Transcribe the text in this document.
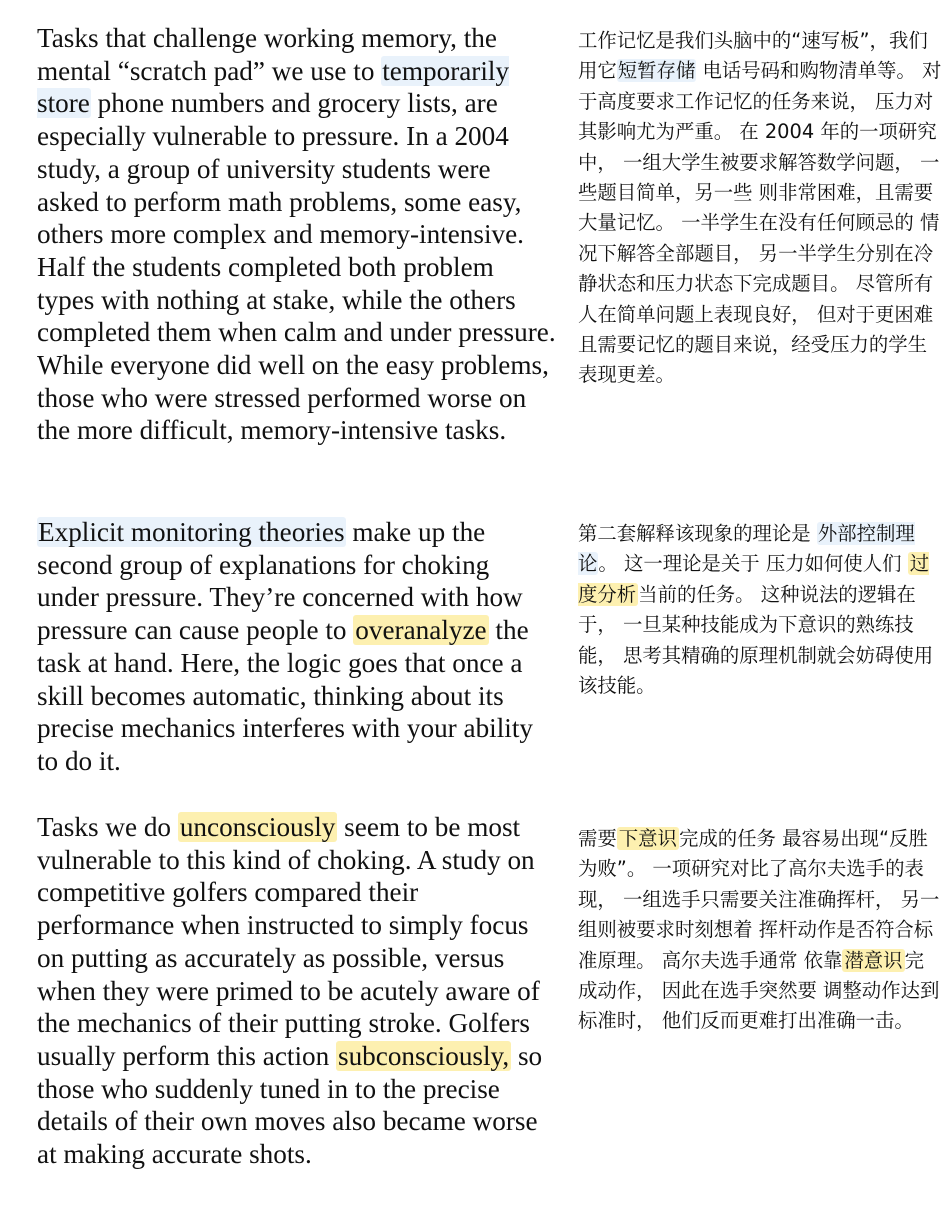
Tasks that challenge working memory, the mental “scratch pad” we use to temporarily store phone numbers and grocery lists, are especially vulnerable to pressure. In a 2004 study, a group of university students were asked to perform math problems, some easy, others more complex and memory-intensive. Half the students completed both problem types with nothing at stake, while the others completed them when calm and under pressure. While everyone did well on the easy problems, those who were stressed performed worse on the more difficult, memory-intensive tasks.

工作记忆是我们头脑中的“速写板”，我们用它短暂存储 电话号码和购物清单等。 对于高度要求工作记忆的任务来说， 压力对其影响尤为严重。 在 2004 年的一项研究中， 一组大学生被要求解答数学问题， 一些题目简单，另一些 则非常困难，且需要大量记忆。 一半学生在没有任何顾忌的 情况下解答全部题目， 另一半学生分别在冷静状态和压力状态下完成题目。 尽管所有人在简单问题上表现良好， 但对于更困难 且需要记忆的题目来说，经受压力的学生表现更差。

Explicit monitoring theories make up the second group of explanations for choking under pressure. They’re concerned with how pressure can cause people to overanalyze the task at hand. Here, the logic goes that once a skill becomes automatic, thinking about its precise mechanics interferes with your ability to do it.

第二套解释该现象的理论是 外部控制理论。 这一理论是关于 压力如何使人们 过度分析 当前的任务。 这种说法的逻辑在于， 一旦某种技能成为下意识的熟练技能， 思考其精确的原理机制就会妨碍使用该技能。

Tasks we do unconsciously seem to be most vulnerable to this kind of choking. A study on competitive golfers compared their performance when instructed to simply focus on putting as accurately as possible, versus when they were primed to be acutely aware of the mechanics of their putting stroke. Golfers usually perform this action subconsciously, so those who suddenly tuned in to the precise details of their own moves also became worse at making accurate shots.

需要 下意识 完成的任务 最容易出现“反胜为败”。 一项研究对比了高尔夫选手的表现， 一组选手只需要关注准确挥杆， 另一组则被要求时刻想着 挥杆动作是否符合标准原理。 高尔夫选手通常 依靠 潜意识 完成动作， 因此在选手突然要 调整动作达到标准时， 他们反而更难打出准确一击。
